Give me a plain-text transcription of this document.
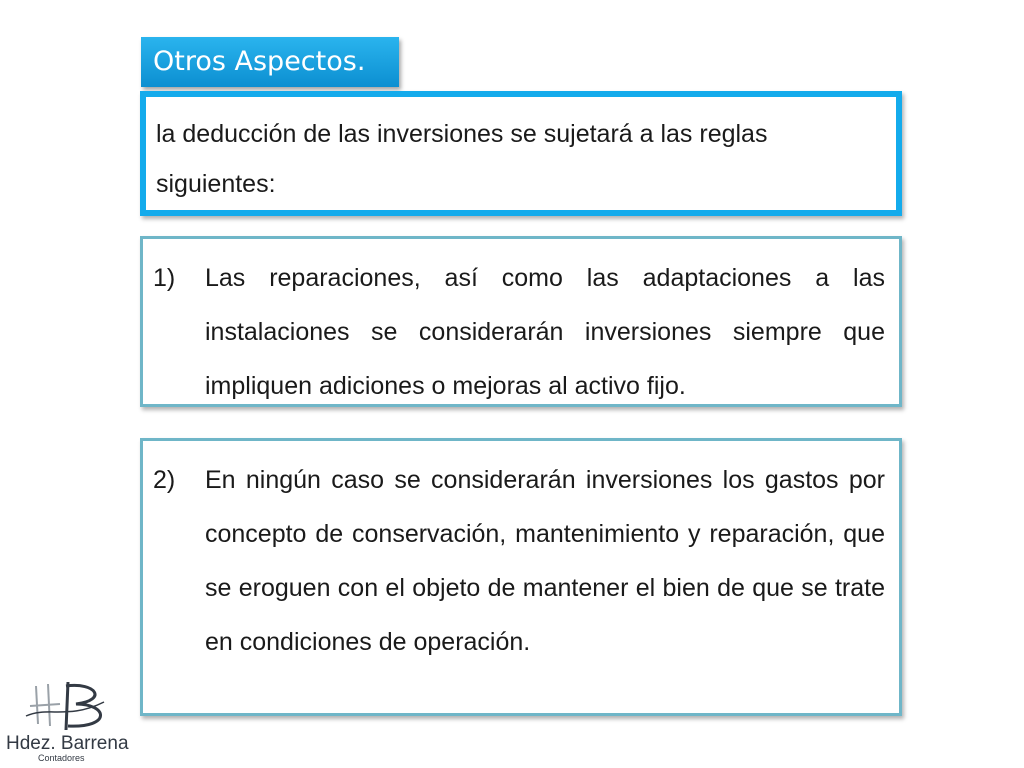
Otros Aspectos.
la deducción de las inversiones se sujetará a las reglas siguientes:
1)	Las reparaciones, así como las adaptaciones a las instalaciones se considerarán inversiones siempre que impliquen adiciones o mejoras al activo fijo.
2)	En ningún caso se considerarán inversiones los gastos por concepto de conservación, mantenimiento y reparación, que se eroguen con el objeto de mantener el bien de que se trate en condiciones de operación.
Hdez. Barrena
Contadores
